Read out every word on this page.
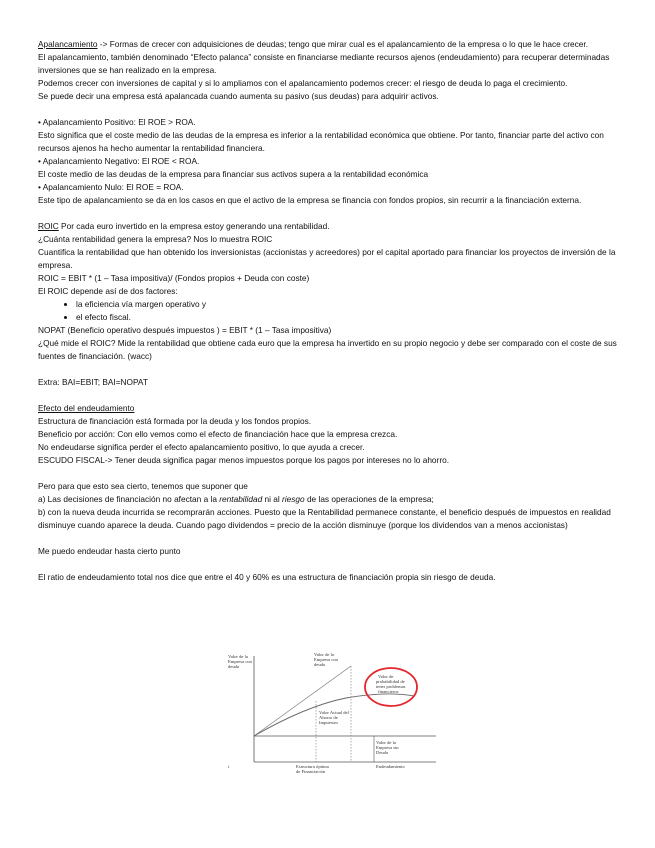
Apalancamiento -> Formas de crecer con adquisiciones de deudas; tengo que mirar cual es el apalancamiento de la empresa o lo que le hace crecer.

El apalancamiento, también denominado “Efecto palanca” consiste en financiarse mediante recursos ajenos (endeudamiento) para recuperar determinadas inversiones que se han realizado en la empresa.

Podemos crecer con inversiones de capital y si lo ampliamos con el apalancamiento podemos crecer: el riesgo de deuda lo paga el crecimiento.

Se puede decir una empresa está apalancada cuando aumenta su pasivo (sus deudas) para adquirir activos.

• Apalancamiento Positivo: El ROE > ROA.

Esto significa que el coste medio de las deudas de la empresa es inferior a la rentabilidad económica que obtiene. Por tanto, financiar parte del activo con recursos ajenos ha hecho aumentar la rentabilidad financiera.

• Apalancamiento Negativo: El ROE < ROA.

El coste medio de las deudas de la empresa para financiar sus activos supera a la rentabilidad económica

• Apalancamiento Nulo: El ROE = ROA.

Este tipo de apalancamiento se da en los casos en que el activo de la empresa se financia con fondos propios, sin recurrir a la financiación externa.

ROIC Por cada euro invertido en la empresa estoy generando una rentabilidad.

¿Cuánta rentabilidad genera la empresa? Nos lo muestra ROIC

Cuantifica la rentabilidad que han obtenido los inversionistas (accionistas y acreedores) por el capital aportado para financiar los proyectos de inversión de la empresa.

ROIC = EBIT * (1 – Tasa impositiva)/ (Fondos propios + Deuda con coste)

El ROIC depende así de dos factores:

• la eficiencia vía margen operativo y
• el efecto fiscal.

NOPAT (Beneficio operativo después impuestos ) = EBIT * (1 – Tasa impositiva)

¿Qué mide el ROIC? Mide la rentabilidad que obtiene cada euro que la empresa ha invertido en su propio negocio y debe ser comparado con el coste de sus fuentes de financiación. (wacc)

Extra: BAI=EBIT; BAI=NOPAT

Efecto del endeudamiento

Estructura de financiación está formada por la deuda y los fondos propios.

Beneficio por acción: Con ello vemos como el efecto de financiación hace que la empresa crezca.

No endeudarse significa perder el efecto apalancamiento positivo, lo que ayuda a crecer.

ESCUDO FISCAL-> Tener deuda significa pagar menos impuestos porque los pagos por intereses no lo ahorro.

Pero para que esto sea cierto, tenemos que suponer que

a) Las decisiones de financiación no afectan a la rentabilidad ni al riesgo de las operaciones de la empresa;

b) con la nueva deuda incurrida se recomprarán acciones. Puesto que la Rentabilidad permanece constante, el beneficio después de impuestos en realidad disminuye cuando aparece la deuda. Cuando pago dividendos = precio de la acción disminuye (porque los dividendos van a menos accionistas)

Me puedo endeudar hasta cierto punto

El ratio de endeudamiento total nos dice que entre el 40 y 60% es una estructura de financiación propia sin riesgo de deuda.

Valor de la Empresa con deuda
Valor de la Empresa con deuda
Valor de probabilidad de tener problemas financieros
Valor Actual del Ahorro de Impuestos
Valor de la Empresa sin Deuda
Estructura óptima de Financiación
Endeudamiento
t
